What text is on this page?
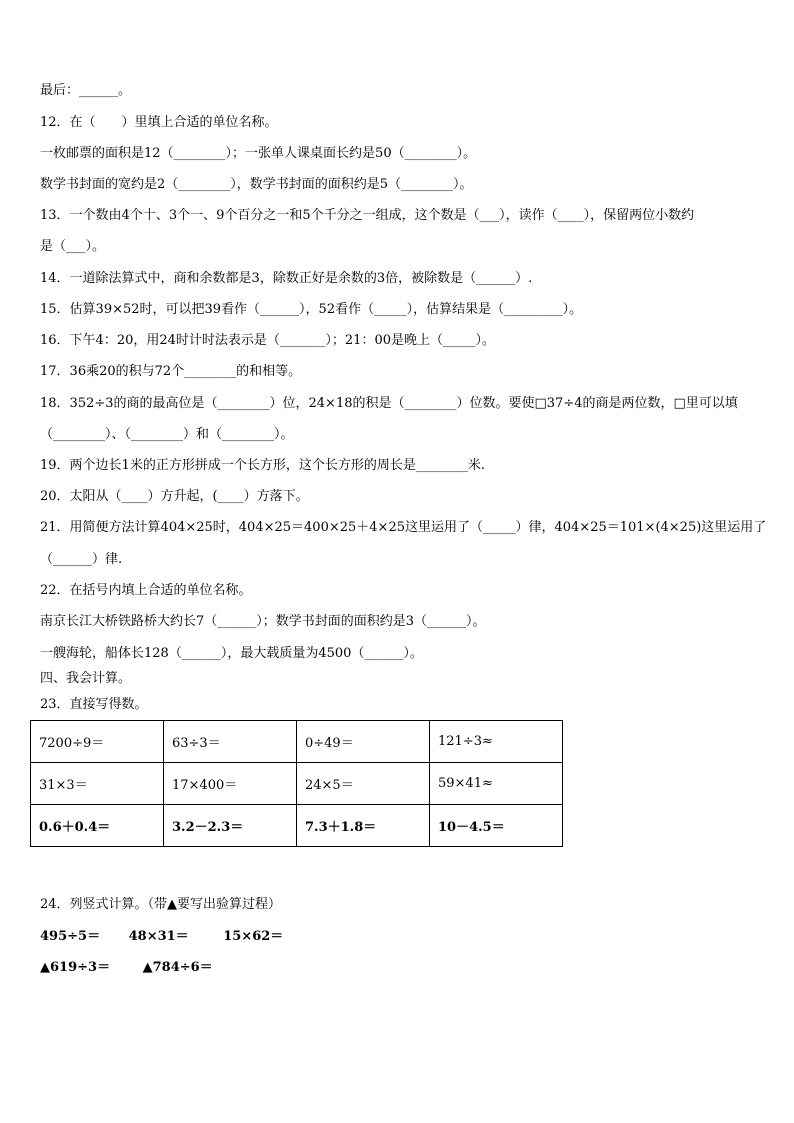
最后：______。
12．在（　　）里填上合适的单位名称。
一枚邮票的面积是12（________）；一张单人课桌面长约是50（________）。
数学书封面的宽约是2（________），数学书封面的面积约是5（________）。
13．一个数由4个十、3个一、9个百分之一和5个千分之一组成，这个数是（___），读作（____），保留两位小数约
是（___）。
14．一道除法算式中，商和余数都是3，除数正好是余数的3倍，被除数是（______）.
15．估算39×52时，可以把39看作（______），52看作（_____），估算结果是（_________）。
16．下午4：20，用24时计时法表示是（_______）；21：00是晚上（_____）。
17．36乘20的积与72个________的和相等。
18．352÷3的商的最高位是（________）位，24×18的积是（________）位数。要使□37÷4的商是两位数，□里可以填
（________）、（________）和（________）。
19．两个边长1米的正方形拼成一个长方形，这个长方形的周长是________米.
20．太阳从（____）方升起，(____）方落下。
21．用简便方法计算404×25时，404×25＝400×25＋4×25这里运用了（_____）律，404×25＝101×(4×25)这里运用了
（______）律.
22．在括号内填上合适的单位名称。
南京长江大桥铁路桥大约长7（______）；数学书封面的面积约是3（______）。
一艘海轮，船体长128（______），最大载质量为4500（______）。
四、我会计算。
23．直接写得数。
7200÷9＝	63÷3＝	0÷49＝	121÷3≈
31×3＝	17×400＝	24×5＝	59×41≈
0.6＋0.4＝	3.2－2.3＝	7.3＋1.8＝	10－4.5＝
24．列竖式计算。（带▲要写出验算过程）
495÷5＝ 48×31＝	15×62＝
▲619÷3＝	▲784÷6＝
